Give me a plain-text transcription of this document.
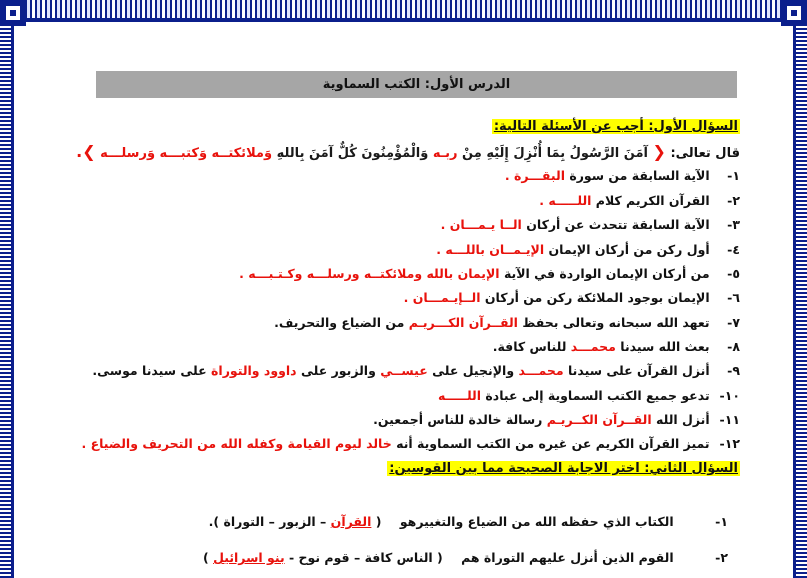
الدرس الأول: الكتب السماوية
السؤال الأول: أجب عن الأسئلة التالية:
قال تعالى: ❮ آمَنَ الرَّسُولُ بِمَا أُنْزِلَ إِلَيْهِ مِنْ ربـه وَالْمُؤْمِنُونَ كُلٌّ آمَنَ بِاللهِ وَملائكتــه وَكتبـــه وَرسلـــه ❯.
١- الآية السابقة من سورة البقـــرة .
٢- القرآن الكريم كلام اللـــــه .
٣- الآية السابقة تتحدث عن أركان الــا يـمـــان .
٤- أول ركن من أركان الإيمان الإيـمــان باللـــه .
٥- من أركان الإيمان الواردة في الآية الإيمان بالله وملائكتــه ورسلـــه وكـتـبـــه .
٦- الإيمان بوجود الملائكة ركن من أركان الــإيـمـــان .
٧- تعهد الله سبحانه وتعالى بحفظ القــرآن الكـــريـم من الضياع والتحريف.
٨- بعث الله سيدنا محمـــد للناس كافة.
٩- أنزل القرآن على سيدنا محمـــد والإنجيل على عيســي والزبور على داوود والتوراة على سيدنا موسى.
١٠- تدعو جميع الكتب السماوية إلى عبادة اللـــــه
١١- أنزل الله القــرآن الكــريـم رسالة خالدة للناس أجمعين.
١٢- تميز القرآن الكريم عن غيره من الكتب السماوية أنه خالد ليوم القيامة وكفله الله من التحريف والضياع .
السؤال الثاني: اختر الاجابة الصحيحة مما بين القوسين:
١- الكتاب الذي حفظه الله من الضياع والتغييرهو ( القرآن – الزبور – التوراة ).
٢- القوم الذين أنزل عليهم التوراة هم ( الناس كافة – قوم نوح - بنو اسرائيل )
